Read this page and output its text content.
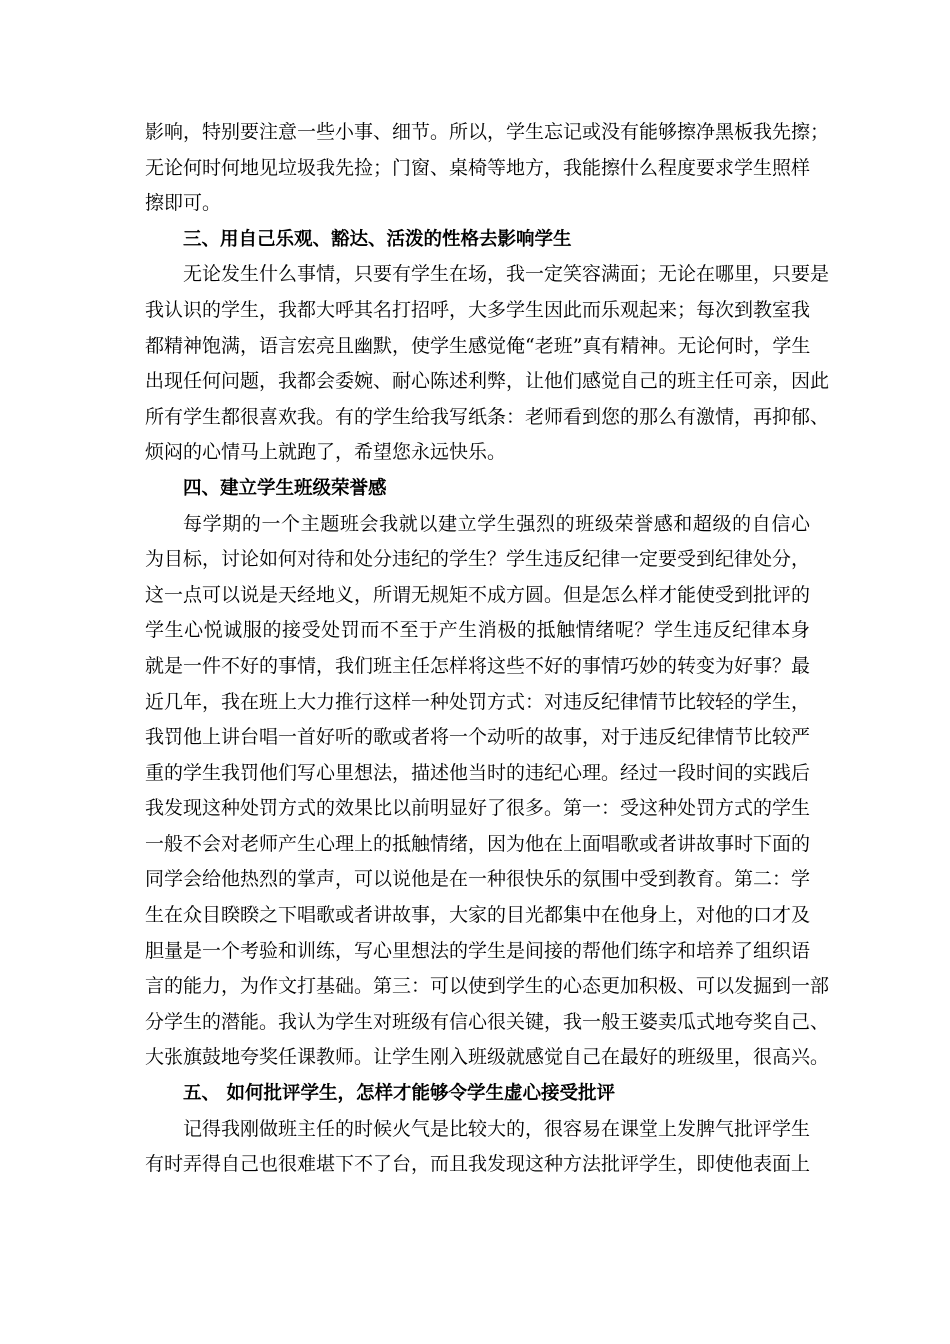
影响，特别要注意一些小事、细节。所以，学生忘记或没有能够擦净黑板我先擦；
无论何时何地见垃圾我先捡；门窗、桌椅等地方，我能擦什么程度要求学生照样
擦即可。
三、用自己乐观、豁达、活泼的性格去影响学生
无论发生什么事情，只要有学生在场，我一定笑容满面；无论在哪里，只要是
我认识的学生，我都大呼其名打招呼，大多学生因此而乐观起来；每次到教室我
都精神饱满，语言宏亮且幽默，使学生感觉俺“老班”真有精神。无论何时，学生
出现任何问题，我都会委婉、耐心陈述利弊，让他们感觉自己的班主任可亲，因此
所有学生都很喜欢我。有的学生给我写纸条：老师看到您的那么有激情，再抑郁、
烦闷的心情马上就跑了，希望您永远快乐。
四、建立学生班级荣誉感
每学期的一个主题班会我就以建立学生强烈的班级荣誉感和超级的自信心
为目标，讨论如何对待和处分违纪的学生？学生违反纪律一定要受到纪律处分，
这一点可以说是天经地义，所谓无规矩不成方圆。但是怎么样才能使受到批评的
学生心悦诚服的接受处罚而不至于产生消极的抵触情绪呢？学生违反纪律本身
就是一件不好的事情，我们班主任怎样将这些不好的事情巧妙的转变为好事？最
近几年，我在班上大力推行这样一种处罚方式：对违反纪律情节比较轻的学生，
我罚他上讲台唱一首好听的歌或者将一个动听的故事，对于违反纪律情节比较严
重的学生我罚他们写心里想法，描述他当时的违纪心理。经过一段时间的实践后
我发现这种处罚方式的效果比以前明显好了很多。第一：受这种处罚方式的学生
一般不会对老师产生心理上的抵触情绪，因为他在上面唱歌或者讲故事时下面的
同学会给他热烈的掌声，可以说他是在一种很快乐的氛围中受到教育。第二：学
生在众目睽睽之下唱歌或者讲故事，大家的目光都集中在他身上，对他的口才及
胆量是一个考验和训练，写心里想法的学生是间接的帮他们练字和培养了组织语
言的能力，为作文打基础。第三：可以使到学生的心态更加积极、可以发掘到一部
分学生的潜能。我认为学生对班级有信心很关键，我一般王婆卖瓜式地夸奖自己、
大张旗鼓地夸奖任课教师。让学生刚入班级就感觉自己在最好的班级里，很高兴。
五、 如何批评学生，怎样才能够令学生虚心接受批评
记得我刚做班主任的时候火气是比较大的，很容易在课堂上发脾气批评学生
有时弄得自己也很难堪下不了台，而且我发现这种方法批评学生，即使他表面上
